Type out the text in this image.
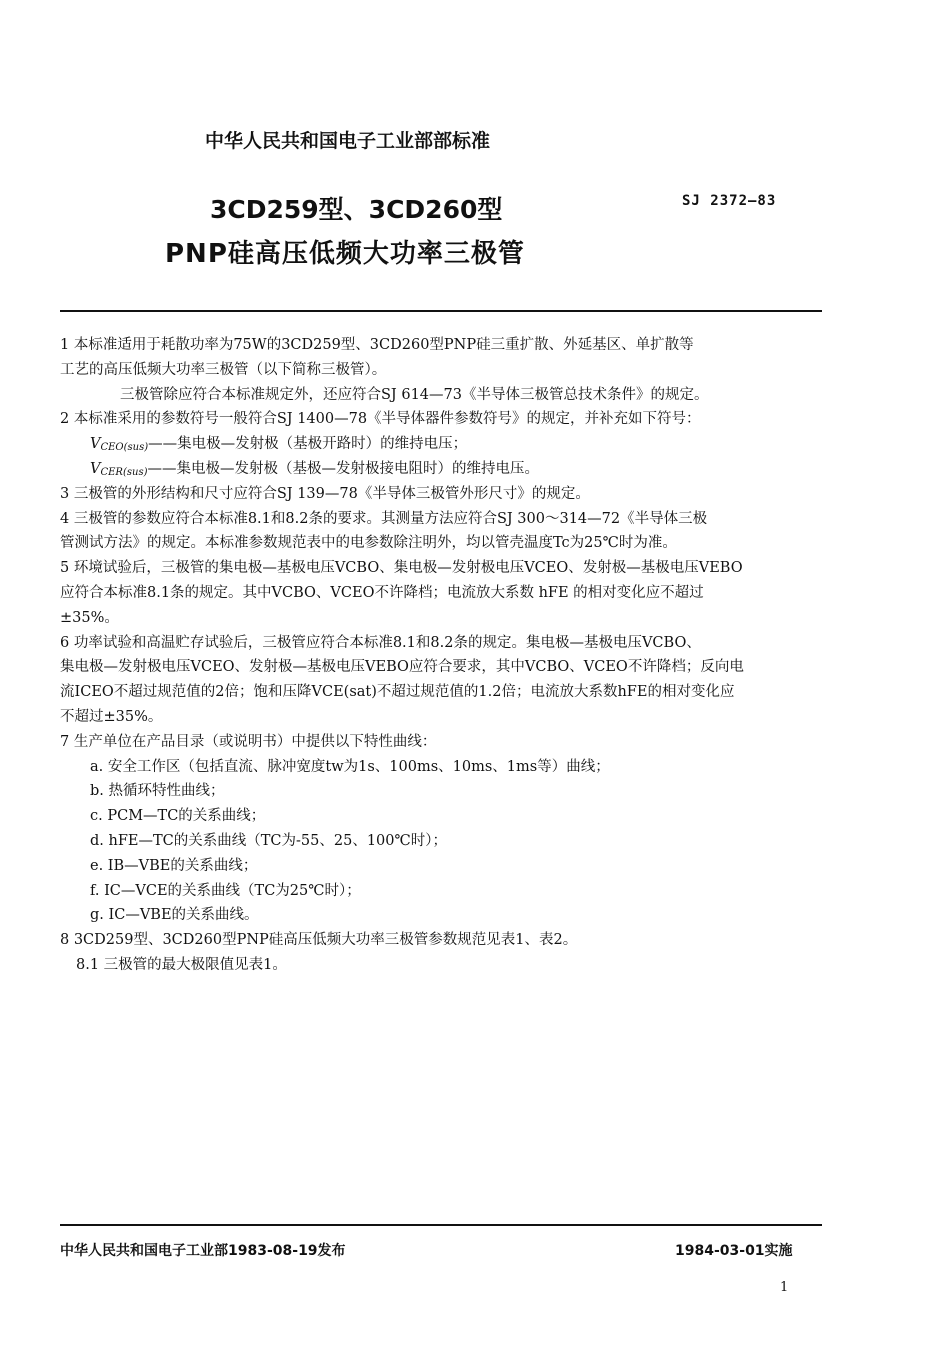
中华人民共和国电子工业部部标准
3CD259型、3CD260型
PNP硅高压低频大功率三极管
SJ 2372—83
1 本标准适用于耗散功率为75W的3CD259型、3CD260型PNP硅三重扩散、外延基区、单扩散等
工艺的高压低频大功率三极管（以下简称三极管）。
三极管除应符合本标准规定外，还应符合SJ 614—73《半导体三极管总技术条件》的规定。
2 本标准采用的参数符号一般符合SJ 1400—78《半导体器件参数符号》的规定，并补充如下符号：
$V_{CEO(sus)}——$集电极—发射极（基极开路时）的维持电压；
$V_{CER(sus)}——$集电极—发射极（基极—发射极接电阻时）的维持电压。
3 三极管的外形结构和尺寸应符合SJ 139—78《半导体三极管外形尺寸》的规定。
4 三极管的参数应符合本标准8.1和8.2条的要求。其测量方法应符合SJ 300～314—72《半导体三极
管测试方法》的规定。本标准参数规范表中的电参数除注明外，均以管壳温度Tc为25℃时为准。
5 环境试验后，三极管的集电极—基极电压VCBO、集电极—发射极电压VCEO、发射极—基极电压VEBO
应符合本标准8.1条的规定。其中VCBO、VCEO不许降档；电流放大系数 hFE 的相对变化应不超过
±35%。
6 功率试验和高温贮存试验后，三极管应符合本标准8.1和8.2条的规定。集电极—基极电压VCBO、
集电极—发射极电压VCEO、发射极—基极电压VEBO应符合要求，其中VCBO、VCEO不许降档；反向电
流ICEO不超过规范值的2倍；饱和压降VCE(sat)不超过规范值的1.2倍；电流放大系数hFE的相对变化应
不超过±35%。
7 生产单位在产品目录（或说明书）中提供以下特性曲线：
a. 安全工作区（包括直流、脉冲宽度tw为1s、100ms、10ms、1ms等）曲线；
b. 热循环特性曲线；
c. PCM—TC的关系曲线；
d. hFE—TC的关系曲线（TC为-55、25、100℃时）；
e. IB—VBE的关系曲线；
f. IC—VCE的关系曲线（TC为25℃时）；
g. IC—VBE的关系曲线。
8 3CD259型、3CD260型PNP硅高压低频大功率三极管参数规范见表1、表2。
8.1 三极管的最大极限值见表1。
中华人民共和国电子工业部1983-08-19发布	1984-03-01实施
1
